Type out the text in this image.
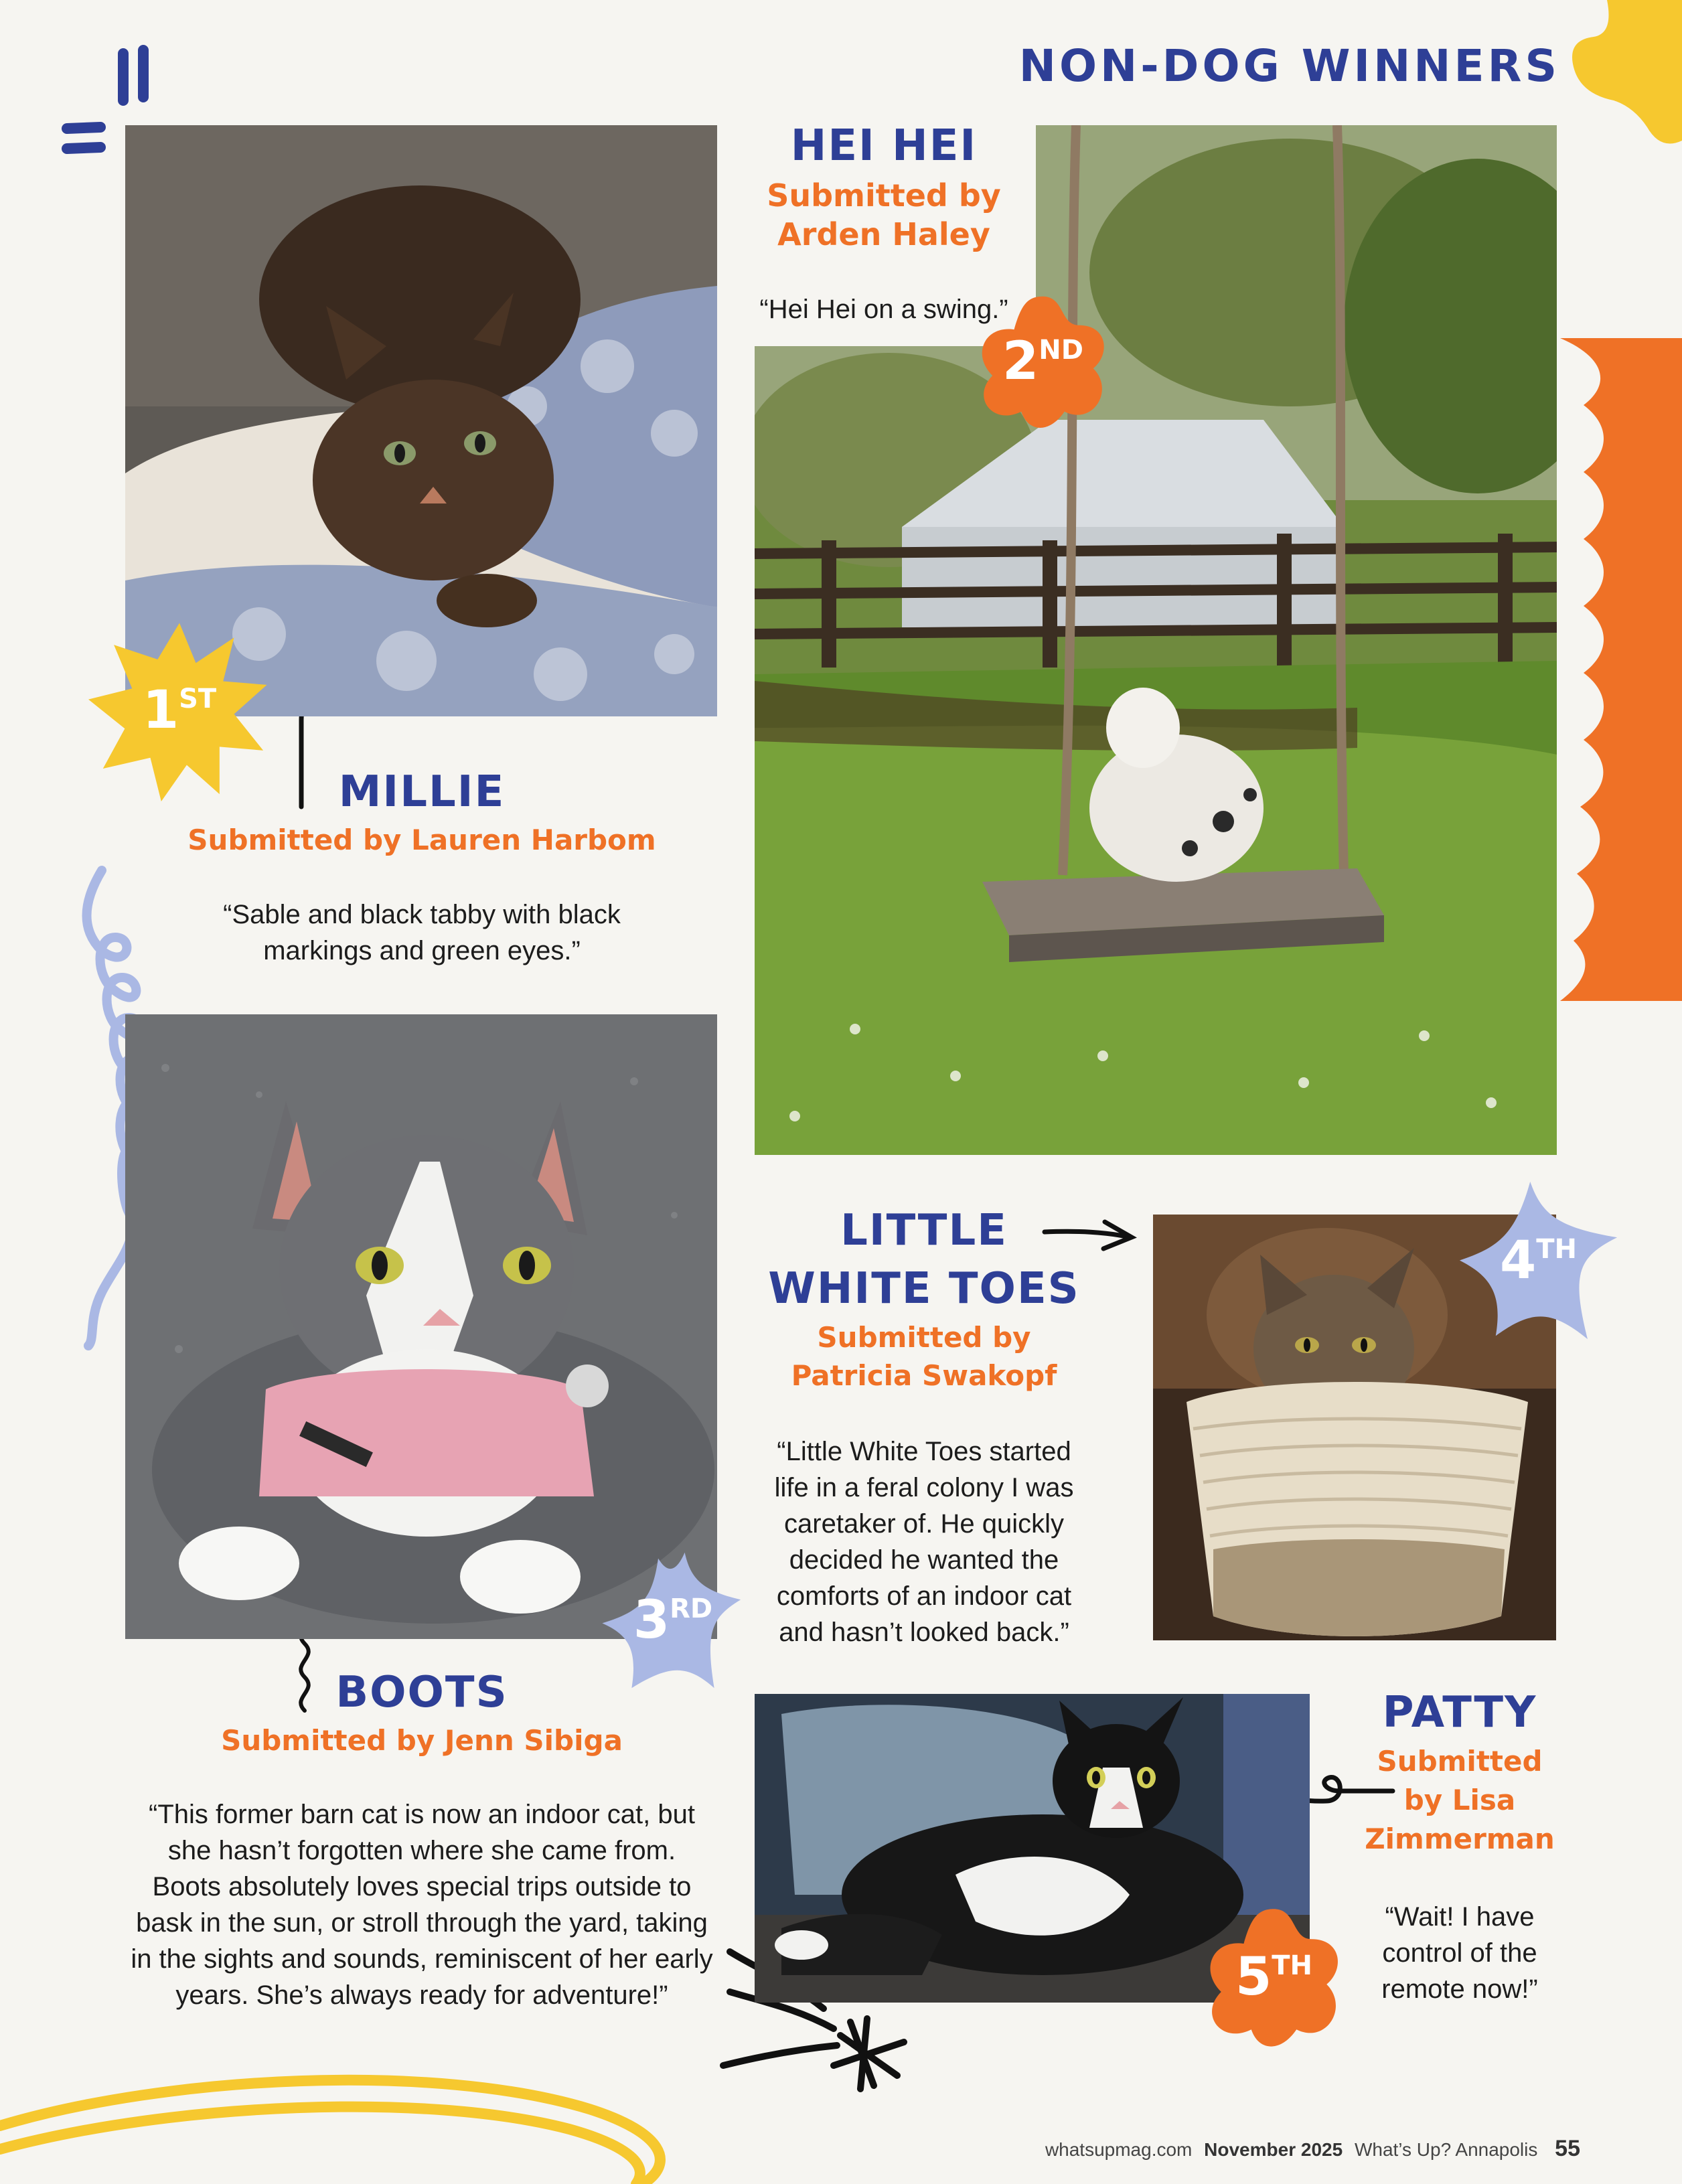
NON-DOG WINNERS
1 ST
2 ND
3 RD
4 TH
5 TH
MILLIE
Submitted by Lauren Harbom

“Sable and black tabby with black

markings and green eyes.”

HEI HEI
Submitted by
Arden Haley

“Hei Hei on a swing.”

BOOTS
Submitted by Jenn Sibiga

“This former barn cat is now an indoor cat, but

she hasn’t forgotten where she came from.

Boots absolutely loves special trips outside to

bask in the sun, or stroll through the yard, taking

in the sights and sounds, reminiscent of her early

years. She’s always ready for adventure!”

LITTLE
WHITE TOES
Submitted by
Patricia Swakopf

“Little White Toes started

life in a feral colony I was

caretaker of. He quickly

decided he wanted the

comforts of an indoor cat

and hasn’t looked back.”

PATTY
Submitted
by Lisa
Zimmerman

“Wait! I have

control of the

remote now!”

whatsupmag.com November 2025 What’s Up? Annapolis 55
